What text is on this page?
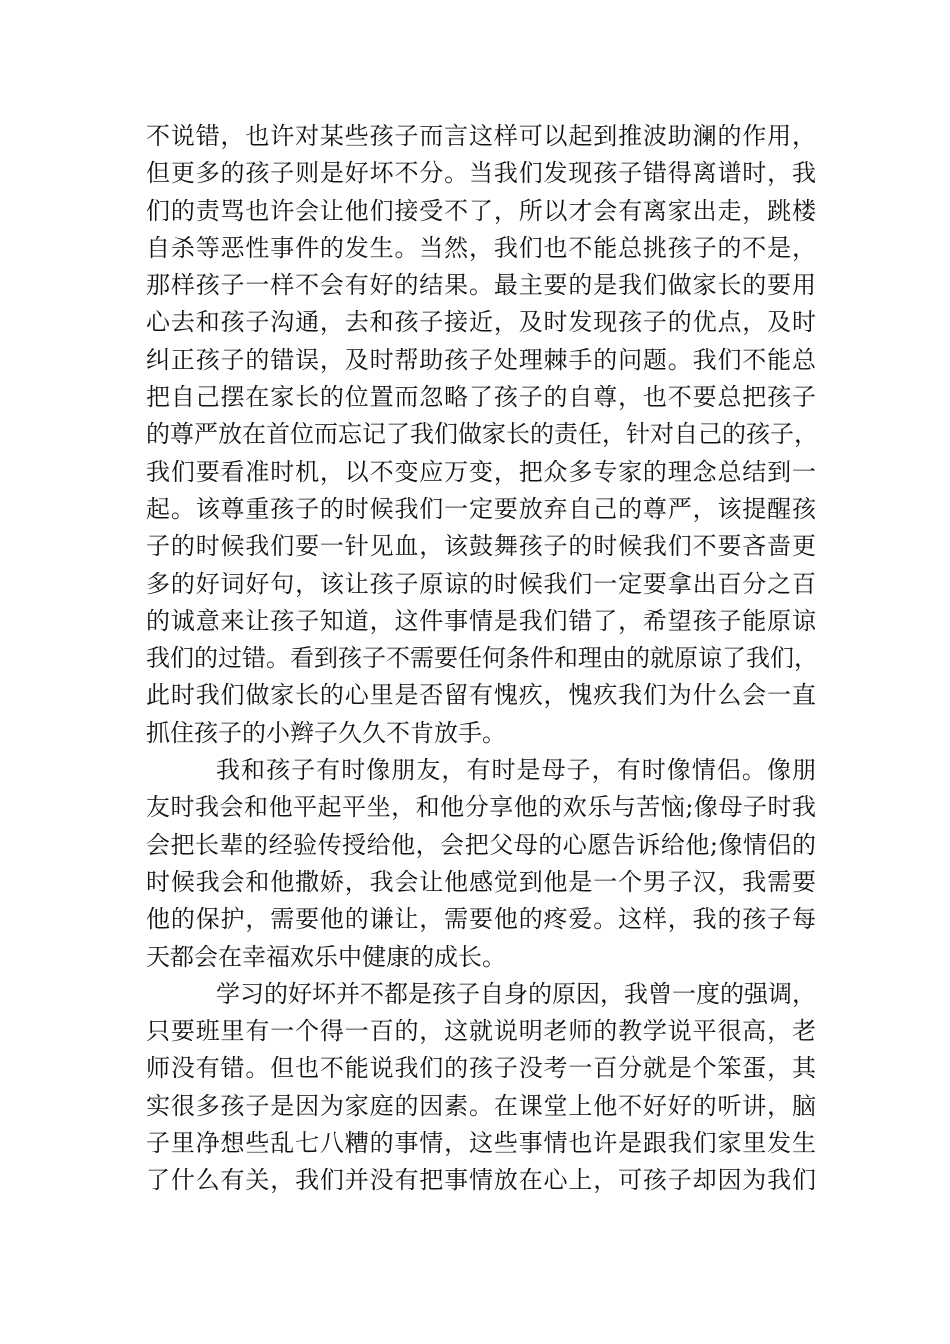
不说错，也许对某些孩子而言这样可以起到推波助澜的作用，
但更多的孩子则是好坏不分。当我们发现孩子错得离谱时，我
们的责骂也许会让他们接受不了，所以才会有离家出走，跳楼
自杀等恶性事件的发生。当然，我们也不能总挑孩子的不是，
那样孩子一样不会有好的结果。最主要的是我们做家长的要用
心去和孩子沟通，去和孩子接近，及时发现孩子的优点，及时
纠正孩子的错误，及时帮助孩子处理棘手的问题。我们不能总
把自己摆在家长的位置而忽略了孩子的自尊，也不要总把孩子
的尊严放在首位而忘记了我们做家长的责任，针对自己的孩子，
我们要看准时机，以不变应万变，把众多专家的理念总结到一
起。该尊重孩子的时候我们一定要放弃自己的尊严，该提醒孩
子的时候我们要一针见血，该鼓舞孩子的时候我们不要吝啬更
多的好词好句，该让孩子原谅的时候我们一定要拿出百分之百
的诚意来让孩子知道，这件事情是我们错了，希望孩子能原谅
我们的过错。看到孩子不需要任何条件和理由的就原谅了我们，
此时我们做家长的心里是否留有愧疚，愧疚我们为什么会一直
抓住孩子的小辫子久久不肯放手。
我和孩子有时像朋友，有时是母子，有时像情侣。像朋
友时我会和他平起平坐，和他分享他的欢乐与苦恼;像母子时我
会把长辈的经验传授给他，会把父母的心愿告诉给他;像情侣的
时候我会和他撒娇，我会让他感觉到他是一个男子汉，我需要
他的保护，需要他的谦让，需要他的疼爱。这样，我的孩子每
天都会在幸福欢乐中健康的成长。
学习的好坏并不都是孩子自身的原因，我曾一度的强调，
只要班里有一个得一百的，这就说明老师的教学说平很高，老
师没有错。但也不能说我们的孩子没考一百分就是个笨蛋，其
实很多孩子是因为家庭的因素。在课堂上他不好好的听讲，脑
子里净想些乱七八糟的事情，这些事情也许是跟我们家里发生
了什么有关，我们并没有把事情放在心上，可孩子却因为我们
